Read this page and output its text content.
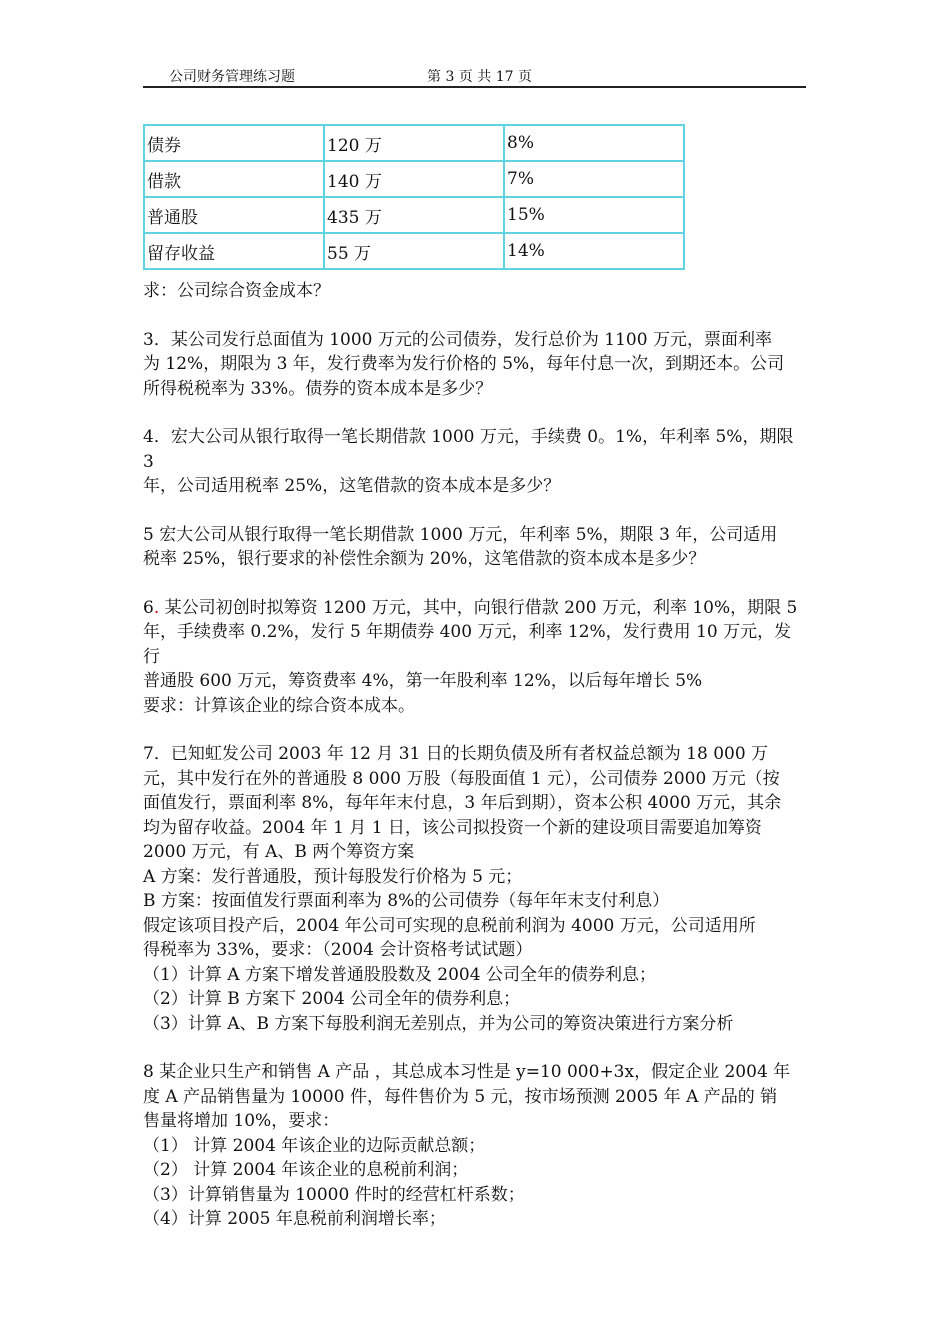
公司财务管理练习题	第 3 页 共 17 页
债券	120 万	8%
借款	140 万	7%
普通股	435 万	15%
留存收益	55 万	14%

求：公司综合资金成本？

3．某公司发行总面值为 1000 万元的公司债券，发行总价为 1100 万元，票面利率

为 12%，期限为 3 年，发行费率为发行价格的 5%，每年付息一次，到期还本。公司

所得税税率为 33%。债券的资本成本是多少？

4．宏大公司从银行取得一笔长期借款 1000 万元，手续费 0。1%，年利率 5%，期限 3

年，公司适用税率 25%，这笔借款的资本成本是多少？

5 宏大公司从银行取得一笔长期借款 1000 万元，年利率 5%，期限 3 年，公司适用

税率 25%，银行要求的补偿性余额为 20%，这笔借款的资本成本是多少？

6. 某公司初创时拟筹资 1200 万元，其中，向银行借款 200 万元，利率 10%，期限 5

年，手续费率 0.2%，发行 5 年期债券 400 万元，利率 12%，发行费用 10 万元，发行

普通股 600 万元，筹资费率 4%，第一年股利率 12%，以后每年增长 5%

要求：计算该企业的综合资本成本。

7．已知虹发公司 2003 年 12 月 31 日的长期负债及所有者权益总额为 18 000 万

元，其中发行在外的普通股 8 000 万股（每股面值 1 元），公司债券 2000 万元（按

面值发行，票面利率 8%，每年年末付息，3 年后到期），资本公积 4000 万元，其余

均为留存收益。2004 年 1 月 1 日，该公司拟投资一个新的建设项目需要追加筹资

2000 万元，有 A、B 两个筹资方案

A 方案：发行普通股，预计每股发行价格为 5 元；

B 方案：按面值发行票面利率为 8%的公司债券（每年年末支付利息）

假定该项目投产后，2004 年公司可实现的息税前利润为 4000 万元，公司适用所

得税率为 33%，要求：（2004 会计资格考试试题）

（1）计算 A 方案下增发普通股股数及 2004 公司全年的债券利息；

（2）计算 B 方案下 2004 公司全年的债券利息；

（3）计算 A、B 方案下每股利润无差别点，并为公司的筹资决策进行方案分析

8 某企业只生产和销售 A 产品 ，其总成本习性是 y=10 000+3x，假定企业 2004 年

度 A 产品销售量为 10000 件，每件售价为 5 元，按市场预测 2005 年 A 产品的 销

售量将增加 10%，要求：

（1） 计算 2004 年该企业的边际贡献总额；

（2） 计算 2004 年该企业的息税前利润；

（3）计算销售量为 10000 件时的经营杠杆系数；

（4）计算 2005 年息税前利润增长率；
